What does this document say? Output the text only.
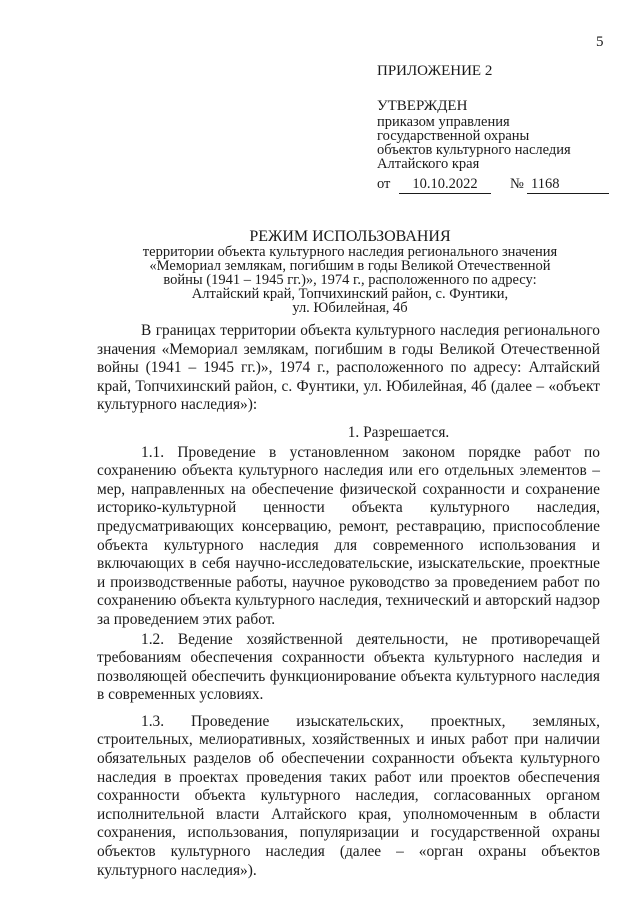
5
ПРИЛОЖЕНИЕ 2
УТВЕРЖДЕН
приказом управления
государственной охраны
объектов культурного наследия
Алтайского края
от	10.10.2022	№ 1168
РЕЖИМ ИСПОЛЬЗОВАНИЯ
территории объекта культурного наследия регионального значения
«Мемориал землякам, погибшим в годы Великой Отечественной
войны (1941 – 1945 гг.)», 1974 г., расположенного по адресу:
Алтайский край, Топчихинский район, с. Фунтики,
ул. Юбилейная, 4б

В границах территории объекта культурного наследия регионального значения «Мемориал землякам, погибшим в годы Великой Отечественной войны (1941 – 1945 гг.)», 1974 г., расположенного по адресу: Алтайский край, Топчихинский район, с. Фунтики, ул. Юбилейная, 4б (далее – «объект культурного наследия»):

1. Разрешается.

1.1. Проведение в установленном законом порядке работ по сохранению объекта культурного наследия или его отдельных элементов – мер, направленных на обеспечение физической сохранности и сохранение историко-культурной ценности объекта культурного наследия, предусматривающих консервацию, ремонт, реставрацию, приспособление объекта культурного наследия для современного использования и включающих в себя научно-исследовательские, изыскательские, проектные и производственные работы, научное руководство за проведением работ по сохранению объекта культурного наследия, технический и авторский надзор за проведением этих работ.

1.2. Ведение хозяйственной деятельности, не противоречащей требованиям обеспечения сохранности объекта культурного наследия и позволяющей обеспечить функционирование объекта культурного наследия в современных условиях.

1.3. Проведение изыскательских, проектных, земляных, строительных, мелиоративных, хозяйственных и иных работ при наличии обязательных разделов об обеспечении сохранности объекта культурного наследия в проектах проведения таких работ или проектов обеспечения сохранности объекта культурного наследия, согласованных органом исполнительной власти Алтайского края, уполномоченным в области сохранения, использования, популяризации и государственной охраны объектов культурного наследия (далее – «орган охраны объектов культурного наследия»).
